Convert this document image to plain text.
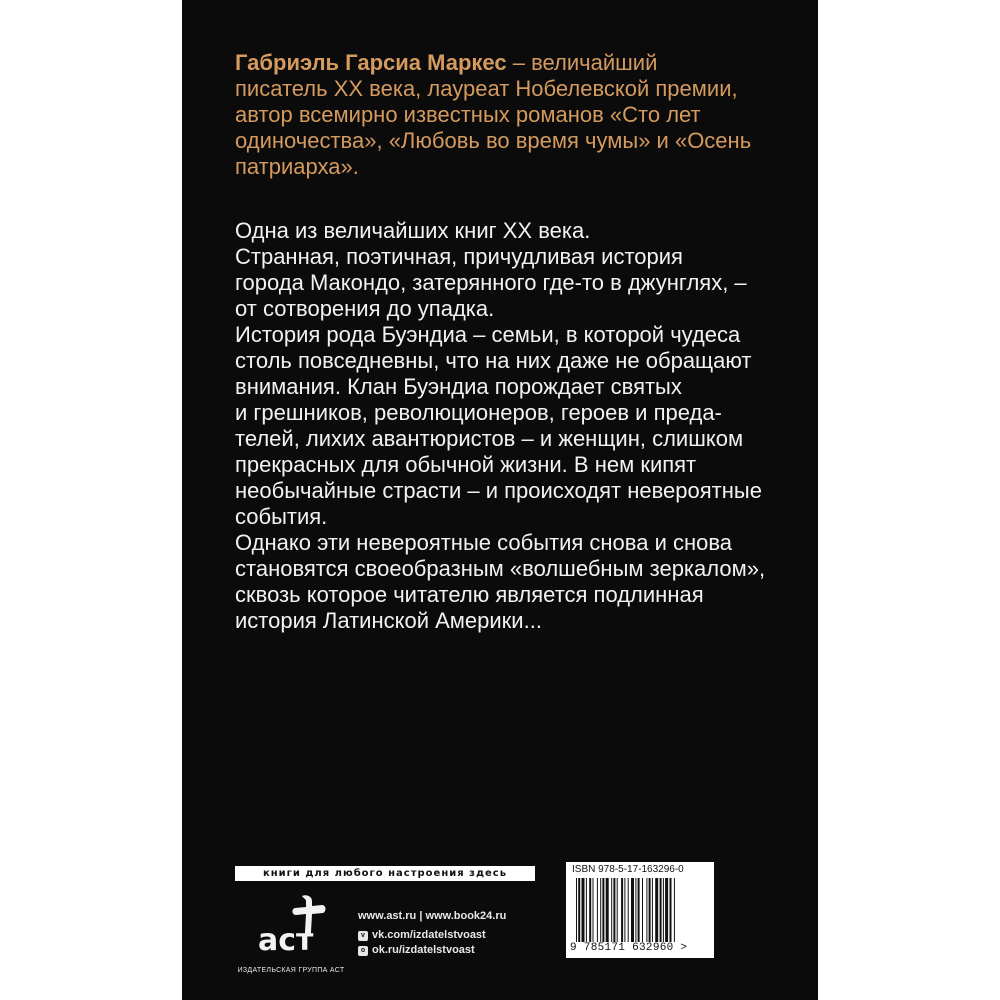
Габриэль Гарсиа Маркес – величайший
писатель XX века, лауреат Нобелевской премии,
автор всемирно известных романов «Сто лет
одиночества», «Любовь во время чумы» и «Осень
патриарха».

Одна из величайших книг XX века.
Странная, поэтичная, причудливая история
города Макондо, затерянного где-то в джунглях, –
от сотворения до упадка.
История рода Буэндиа – семьи, в которой чудеса
столь повседневны, что на них даже не обращают
внимания. Клан Буэндиа порождает святых
и грешников, революционеров, героев и преда-
телей, лихих авантюристов – и женщин, слишком
прекрасных для обычной жизни. В нем кипят
необычайные страсти – и происходят невероятные
события.
Однако эти невероятные события снова и снова
становятся своеобразным «волшебным зеркалом»,
сквозь которое читателю является подлинная
история Латинской Америки...
книги для любого настроения здесь
аст
ИЗДАТЕЛЬСКАЯ ГРУППА АСТ
www.ast.ru | www.book24.ru
v vk.com/izdatelstvoast
o ok.ru/izdatelstvoast
ISBN 978-5-17-163296-0
9 785171 632960 >
